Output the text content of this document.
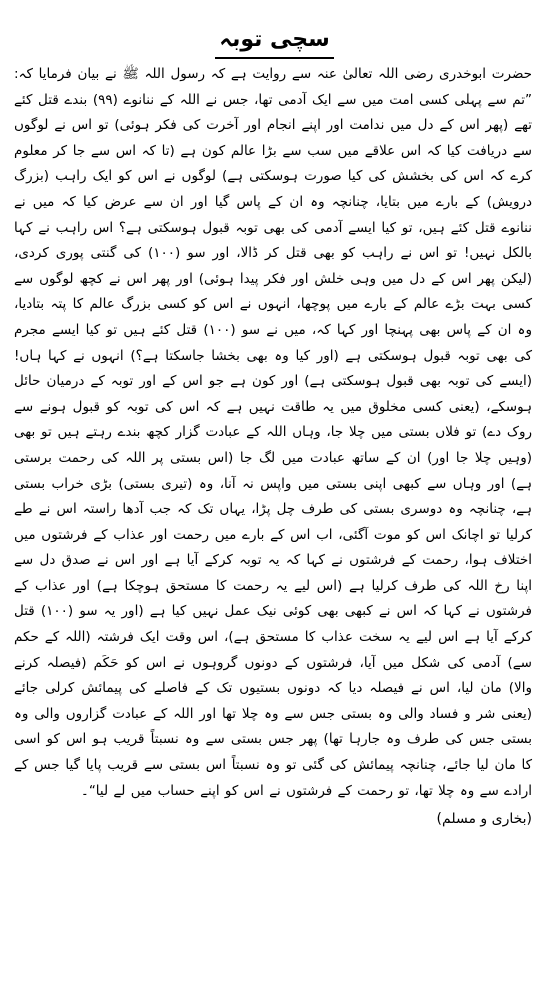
سچی توبہ

حضرت ابوخدری رضی اللہ تعالیٰ عنہ سے روایت ہے کہ رسول اللہ ﷺ نے بیان فرمایا کہ: ”تم سے پہلی کسی امت میں سے ایک آدمی تھا، جس نے اللہ کے ننانوے (۹۹) بندے قتل کئے تھے (پھر اس کے دل میں ندامت اور اپنے انجام اور آخرت کی فکر ہوئی) تو اس نے لوگوں سے دریافت کیا کہ اس علاقے میں سب سے بڑا عالم کون ہے (تا کہ اس سے جا کر معلوم کرے کہ اس کی بخشش کی کیا صورت ہوسکتی ہے) لوگوں نے اس کو ایک راہب (بزرگ درویش) کے بارے میں بتایا، چنانچہ وہ ان کے پاس گیا اور ان سے عرض کیا کہ میں نے ننانوے قتل کئے ہیں، تو کیا ایسے آدمی کی بھی توبہ قبول ہوسکتی ہے؟ اس راہب نے کہا بالکل نہیں! تو اس نے راہب کو بھی قتل کر ڈالا، اور سو (۱۰۰) کی گنتی پوری کردی، (لیکن پھر اس کے دل میں وہی خلش اور فکر پیدا ہوئی) اور پھر اس نے کچھ لوگوں سے کسی بہت بڑے عالم کے بارے میں پوچھا، انہوں نے اس کو کسی بزرگ عالم کا پتہ بتادیا، وہ ان کے پاس بھی پہنچا اور کہا کہ، میں نے سو (۱۰۰) قتل کئے ہیں تو کیا ایسے مجرم کی بھی توبہ قبول ہوسکتی ہے (اور کیا وہ بھی بخشا جاسکتا ہے؟) انہوں نے کہا ہاں! (ایسے کی توبہ بھی قبول ہوسکتی ہے) اور کون ہے جو اس کے اور توبہ کے درمیان حائل ہوسکے، (یعنی کسی مخلوق میں یہ طاقت نہیں ہے کہ اس کی توبہ کو قبول ہونے سے روک دے) تو فلاں بستی میں چلا جا، وہاں اللہ کے عبادت گزار کچھ بندے رہتے ہیں تو بھی (وہیں چلا جا اور) ان کے ساتھ عبادت میں لگ جا (اس بستی پر اللہ کی رحمت برستی ہے) اور وہاں سے کبھی اپنی بستی میں واپس نہ آنا، وہ (تیری بستی) بڑی خراب بستی ہے، چنانچہ وہ دوسری بستی کی طرف چل پڑا، یہاں تک کہ جب آدھا راستہ اس نے طے کرلیا تو اچانک اس کو موت آگئی، اب اس کے بارے میں رحمت اور عذاب کے فرشتوں میں اختلاف ہوا، رحمت کے فرشتوں نے کہا کہ یہ توبہ کرکے آیا ہے اور اس نے صدق دل سے اپنا رخ اللہ کی طرف کرلیا ہے (اس لیے یہ رحمت کا مستحق ہوچکا ہے) اور عذاب کے فرشتوں نے کہا کہ اس نے کبھی بھی کوئی نیک عمل نہیں کیا ہے (اور یہ سو (۱۰۰) قتل کرکے آیا ہے اس لیے یہ سخت عذاب کا مستحق ہے)، اس وقت ایک فرشتہ (اللہ کے حکم سے) آدمی کی شکل میں آیا، فرشتوں کے دونوں گروہوں نے اس کو حَکَم (فیصلہ کرنے والا) مان لیا، اس نے فیصلہ دیا کہ دونوں بستیوں تک کے فاصلے کی پیمائش کرلی جائے (یعنی شر و فساد والی وہ بستی جس سے وہ چلا تھا اور اللہ کے عبادت گزاروں والی وہ بستی جس کی طرف وہ جارہا تھا) پھر جس بستی سے وہ نسبتاً قریب ہو اس کو اسی کا مان لیا جائے، چنانچہ پیمائش کی گئی تو وہ نسبتاً اس بستی سے قریب پایا گیا جس کے ارادے سے وہ چلا تھا، تو رحمت کے فرشتوں نے اس کو اپنے حساب میں لے لیا“۔

(بخاری و مسلم)
